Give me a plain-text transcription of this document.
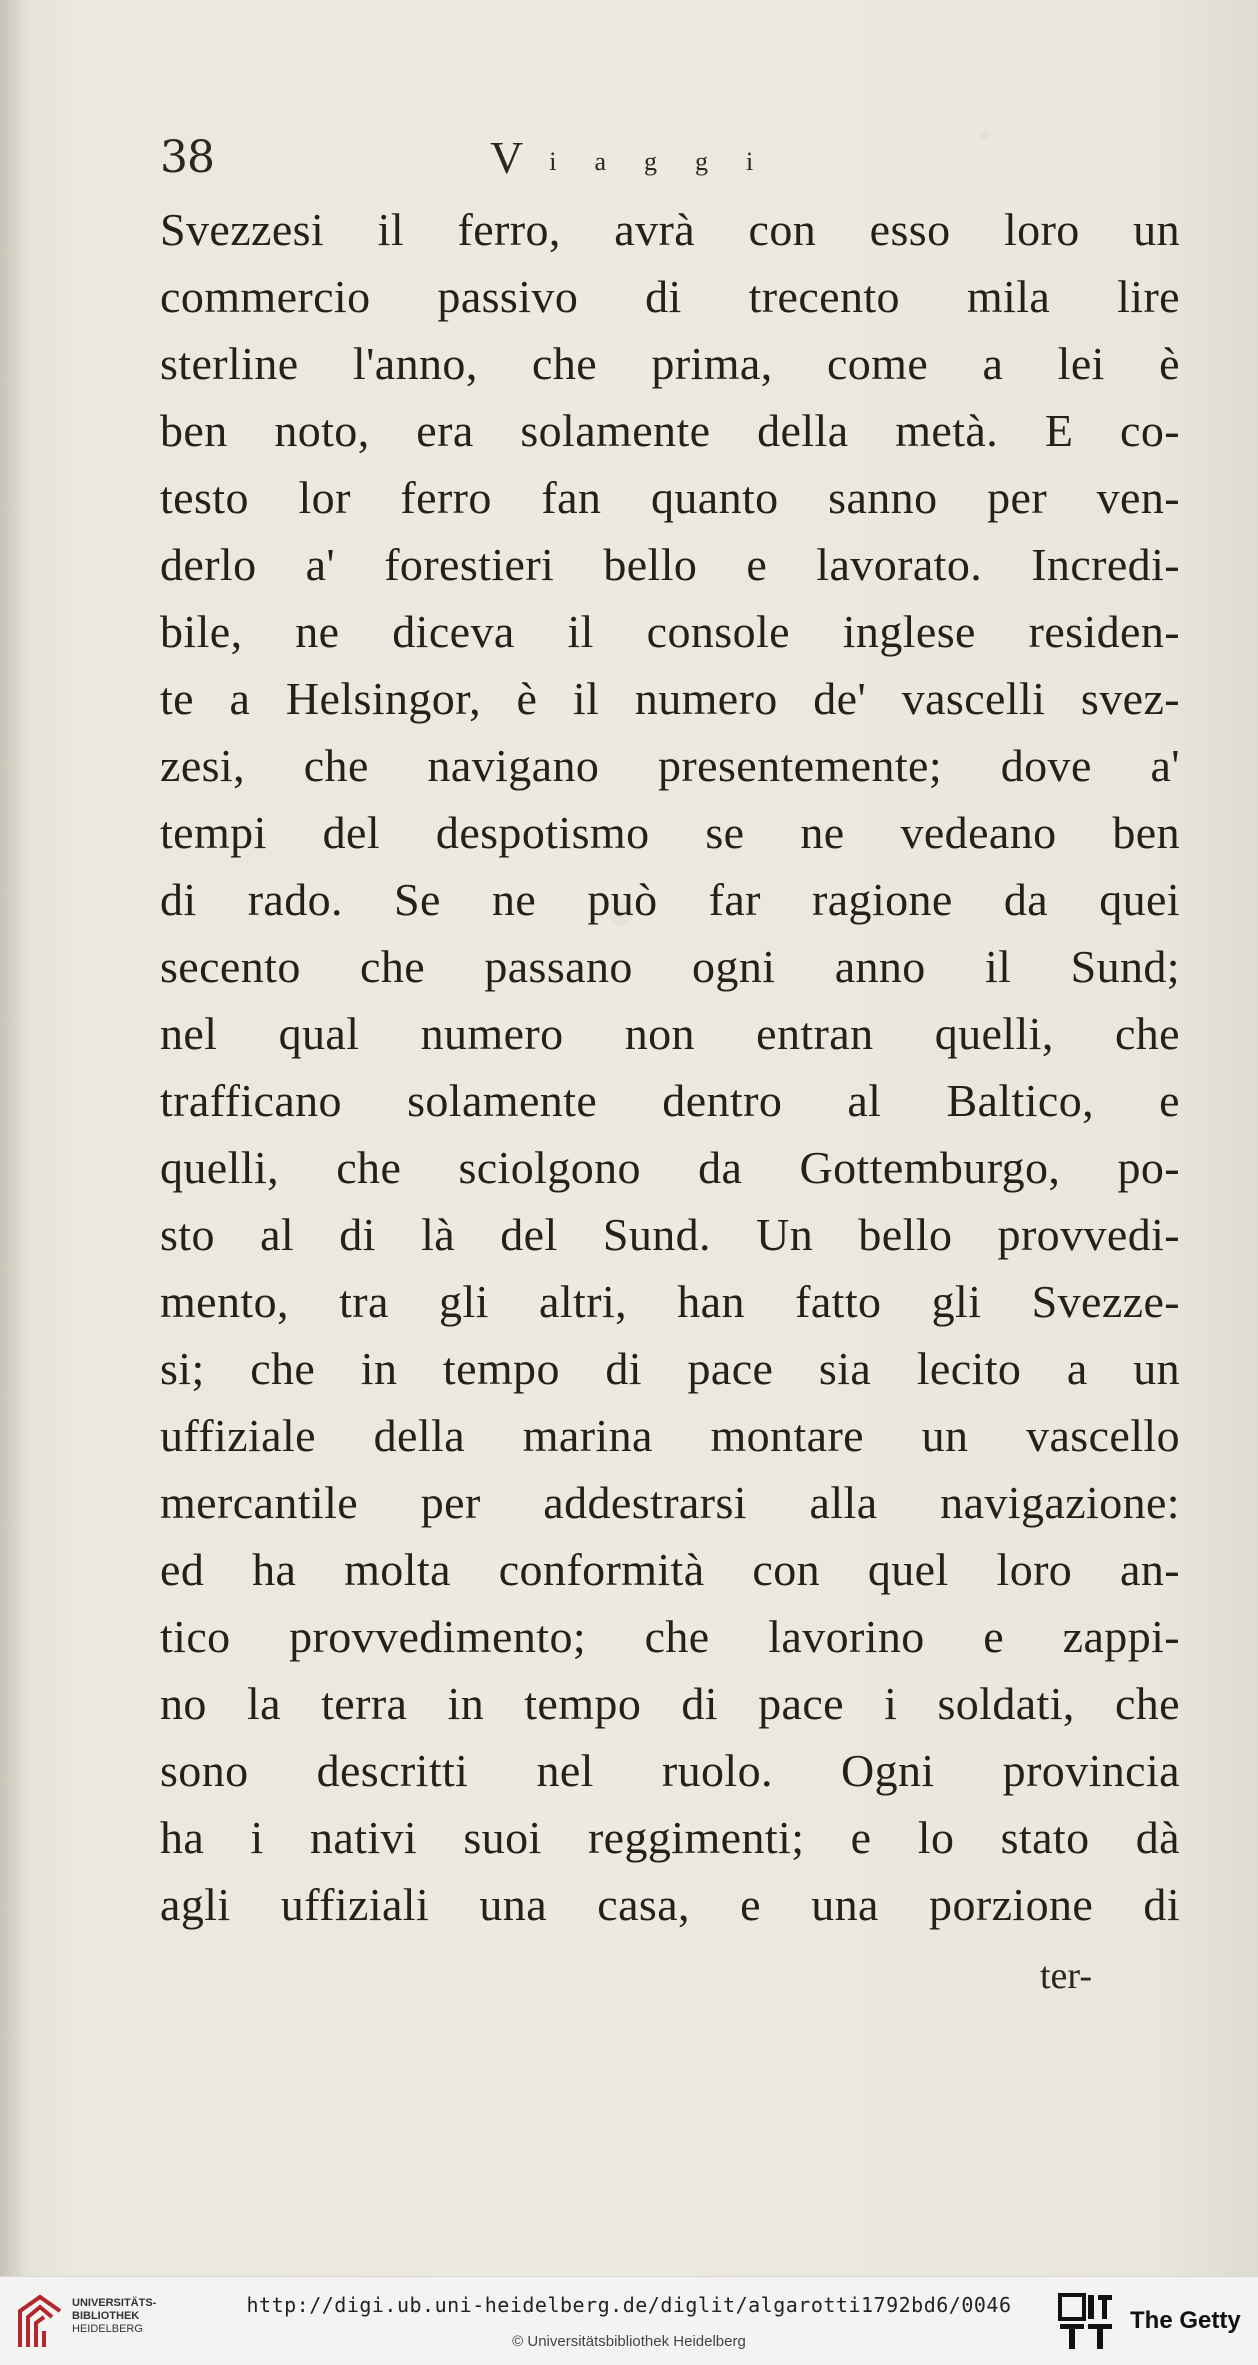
38	Viaggi
Svezzesi il ferro, avrà con esso loro un
commercio passivo di trecento mila lire
sterline l'anno, che prima, come a lei è
ben noto, era solamente della metà. E co-
testo lor ferro fan quanto sanno per ven-
derlo a' forestieri bello e lavorato. Incredi-
bile, ne diceva il console inglese residen-
te a Helsingor, è il numero de' vascelli svez-
zesi, che navigano presentemente; dove a'
tempi del despotismo se ne vedeano ben
di rado. Se ne può far ragione da quei
secento che passano ogni anno il Sund;
nel qual numero non entran quelli, che
trafficano solamente dentro al Baltico, e
quelli, che sciolgono da Gottemburgo, po-
sto al di là del Sund. Un bello provvedi-
mento, tra gli altri, han fatto gli Svezze-
si; che in tempo di pace sia lecito a un
uffiziale della marina montare un vascello
mercantile per addestrarsi alla navigazione:
ed ha molta conformità con quel loro an-
tico provvedimento; che lavorino e zappi-
no la terra in tempo di pace i soldati, che
sono descritti nel ruolo. Ogni provincia
ha i nativi suoi reggimenti; e lo stato dà
agli uffiziali una casa, e una porzione di
ter-
UNIVERSITÄTS-
BIBLIOTHEK
HEIDELBERG
http://digi.ub.uni-heidelberg.de/diglit/algarotti1792bd6/0046
© Universitätsbibliothek Heidelberg
The Getty
